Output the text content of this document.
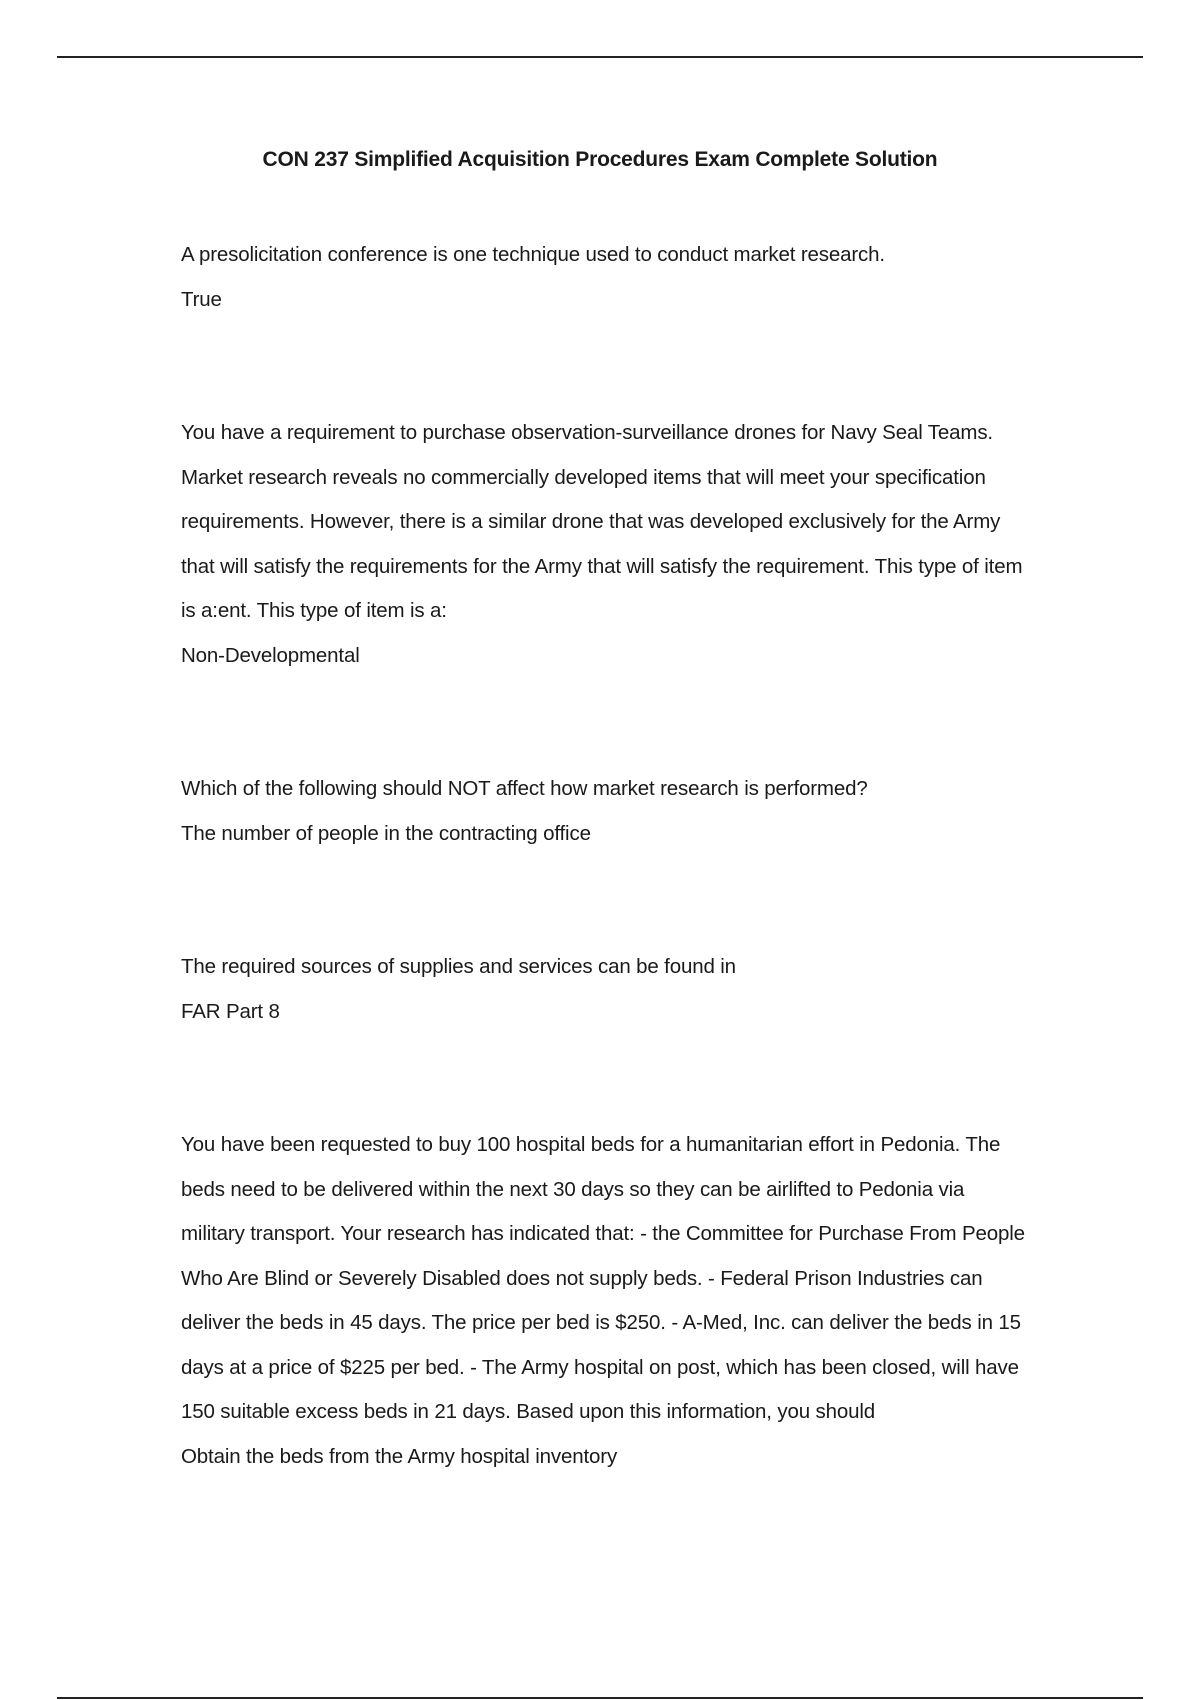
CON 237 Simplified Acquisition Procedures Exam Complete Solution

A presolicitation conference is one technique used to conduct market research.

True

You have a requirement to purchase observation-surveillance drones for Navy Seal Teams. Market research reveals no commercially developed items that will meet your specification requirements. However, there is a similar drone that was developed exclusively for the Army that will satisfy the requirements for the Army that will satisfy the requirement. This type of item is a:ent. This type of item is a:

Non-Developmental

Which of the following should NOT affect how market research is performed?

The number of people in the contracting office

The required sources of supplies and services can be found in

FAR Part 8

You have been requested to buy 100 hospital beds for a humanitarian effort in Pedonia. The beds need to be delivered within the next 30 days so they can be airlifted to Pedonia via military transport. Your research has indicated that: - the Committee for Purchase From People Who Are Blind or Severely Disabled does not supply beds. - Federal Prison Industries can deliver the beds in 45 days. The price per bed is $250. - A-Med, Inc. can deliver the beds in 15 days at a price of $225 per bed. - The Army hospital on post, which has been closed, will have 150 suitable excess beds in 21 days. Based upon this information, you should

Obtain the beds from the Army hospital inventory
